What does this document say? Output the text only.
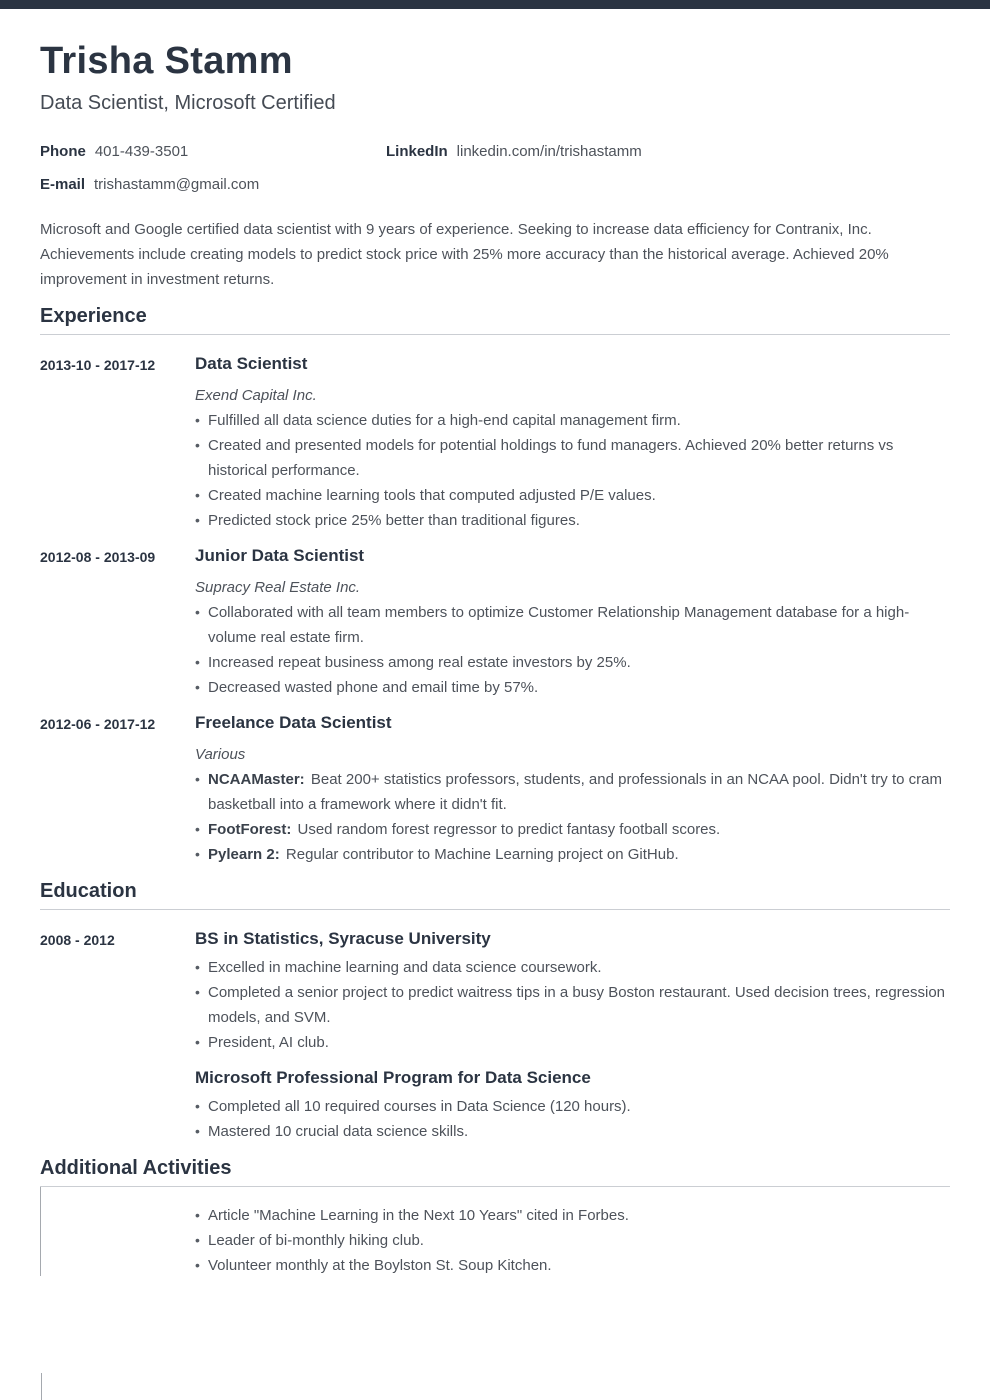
Trisha Stamm
Data Scientist, Microsoft Certified
Phone 401-439-3501	LinkedIn linkedin.com/in/trishastamm
E-mail trishastamm@gmail.com

Microsoft and Google certified data scientist with 9 years of experience. Seeking to increase data efficiency for Contranix, Inc. Achievements include creating models to predict stock price with 25% more accuracy than the historical average. Achieved 20% improvement in investment returns.

Experience
2013-10 - 2017-12	Data Scientist
Exend Capital Inc.
•
Fulfilled all data science duties for a high-end capital management firm.
•
Created and presented models for potential holdings to fund managers. Achieved 20% better returns vs historical performance.
•
Created machine learning tools that computed adjusted P/E values.
•
Predicted stock price 25% better than traditional figures.
2012-08 - 2013-09	Junior Data Scientist
Supracy Real Estate Inc.
•
Collaborated with all team members to optimize Customer Relationship Management database for a high-volume real estate firm.
•
Increased repeat business among real estate investors by 25%.
•
Decreased wasted phone and email time by 57%.
2012-06 - 2017-12	Freelance Data Scientist
Various
•
NCAAMaster: Beat 200+ statistics professors, students, and professionals in an NCAA pool. Didn't try to cram basketball into a framework where it didn't fit.
•
FootForest: Used random forest regressor to predict fantasy football scores.
•
Pylearn 2: Regular contributor to Machine Learning project on GitHub.
Education
2008 - 2012	BS in Statistics, Syracuse University
•
Excelled in machine learning and data science coursework.
•
Completed a senior project to predict waitress tips in a busy Boston restaurant. Used decision trees, regression models, and SVM.
•
President, AI club.
Microsoft Professional Program for Data Science
•
Completed all 10 required courses in Data Science (120 hours).
•
Mastered 10 crucial data science skills.
Additional Activities
•
Article "Machine Learning in the Next 10 Years" cited in Forbes.
•
Leader of bi-monthly hiking club.
•
Volunteer monthly at the Boylston St. Soup Kitchen.
